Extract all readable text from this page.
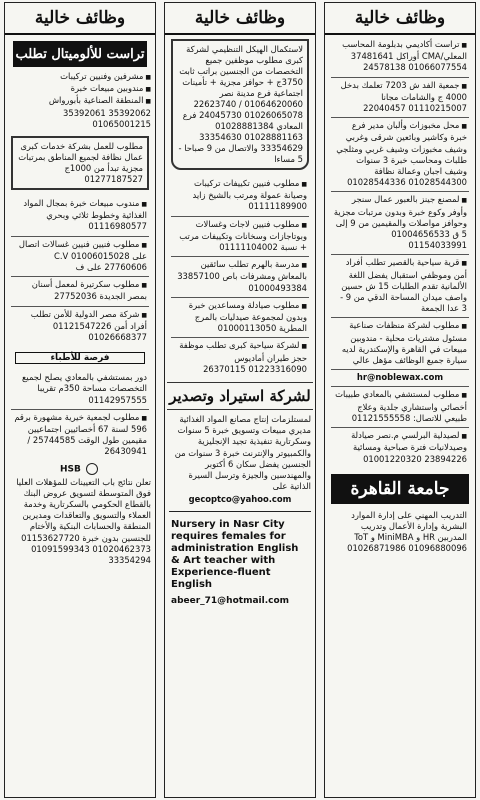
وظائف خالية
■ تراست أكاديمي بدبلومة المحاسب المعلي/CMA أوراكل 37481641 01066077554 24578138
■ جمعية الفد ش 7203 تعلمك بدخل 4000 ج والشامات مجانا 01110215007 22040457
■ محل مخبوزات وألبان مدير فرع خبرة وكاشير وبائعين شرقى وغربي وشيف مخبوزات وشيف غربي ومثلجي طلبات ومحاسب خبرة 3 سنوات وشيف اجبان وعمالة نظافة 01028544300 01028544336
■ لمصنع جينز بالعبور عمال سنجر وأوفر وكوع خبرة وبدون مرتبات مجزية وحوافز مواصلات والمقيمين من 9 إلى 5 ق 01004656533 01154033991
■ قرية سياحية بالقصير تطلب أفراد أمن وموظفي استقبال يفضل اللغة الألمانية تقدم الطلبات 15 ش حسين واصف ميدان المساحة الدقي من 9 - 3 عدا الجمعة
■ مطلوب لشركة منظفات صناعية مسئول مشتريات محلية - مندوبين مبيعات في القاهرة والإسكندرية لديه سيارة جميع الوظائف مؤهل عالي
hr@noblewax.com
■ مطلوب لمستشفي بالمعادي طبيبات أخصائي واستشاري جلدية وعلاج طبيعي للاتصال: 01121555558
■ لصيدلية البرلسي م.نصر صيادلة وصيدلانيات فترة صباحية ومسائية 23894226 01001220320
جامعة القاهرة
التدريب المهني على إدارة الموارد البشرية وإدارة الأعمال وتدريب المدربين HR و MiniMBA و ToT 01026871986 01096880096
وظائف خالية
لاستكمال الهيكل التنظيمي لشركة كبرى مطلوب موظفين جميع التخصصات من الجنسين براتب ثابت 3750ج + حوافز مجزية + تأمينات اجتماعية فرع مدينة نصر 01064620060 / 22623740 01026065078 24045730 فرع المعادي 01028881384 01028881163 33354630 33354629 والاتصال من 9 صباحا - 5 مساءا
■ مطلوب فنيين تكييفات تركيبات وصيانة عمولة ومرتب بالشيخ زايد 01111189900
■ مطلوب فنيين لاجات وغسالات وبوتاجازات وسخانات وتكييفات مرتب + نسبة 01111104002
■ مدرسة بالهرم تطلب سائقين بالمعاش ومشرفات باص 33857100 01000493384
■ مطلوب صيادلة ومساعدين خبرة وبدون لمجموعة صيدليات بالمرج المطرية 01000113050
■ لشركة سياحية كبرى تطلب موظفة حجز طيران أماديوس 01223316090 26370115
لشركة استيراد وتصدير
لمستلزمات إنتاج مصانع المواد الغذائية مديري مبيعات وتسويق خبرة 5 سنوات وسكرتارية تنفيذية تجيد الإنجليزية والكمبيوتر والإنترنت خبرة 3 سنوات من الجنسين يفضل سكان 6 أكتوبر والمهندسين والجيزة وترسل السيرة الذاتية على
gecoptco@yahoo.com
Nursery in Nasr City requires females for administration English & Art teacher with Experience-fluent English
abeer_71@hotmail.com
وظائف خالية
تراست للألوميتال تطلب
■ مشرفين وفنيين تركيبات
■ مندوبين مبيعات خبرة
■ المنطقة الصناعية بأبورواش 35392062 35392061 01065001215
مطلوب للعمل بشركة خدمات كبرى عمال نظافة لجميع المناطق بمرتبات مجزية تبدأ من 1000ج 01277187527
■ مندوب مبيعات خبرة بمجال المواد الغذائية وخطوط ثلاثي وبحري 01116980577
■ مطلوب فنيين فنيين غسالات اتصال على 01006015028 C.V 27760606 على ف
■ مطلوب سكرتيرة لمعمل أسنان بمصر الجديدة 27752036
■ شركة مصر الدولية للأمن تطلب أفراد أمن 01121547226 01026668377
فرصة للأطباء
دور بمستشفي بالمعادي يصلح لجميع التخصصات مساحة 350م تقريبا 01142957555
■ مطلوب لجمعية خيرية مشهورة برقم 596 لسنة 67 أخصائيين اجتماعيين مقيمين طول الوقت 25744585 / 26430941
HSB
تعلن نتائج باب التعيينات للمؤهلات العليا فوق المتوسطة لتسويق عروض البنك بالقطاع الحكومي بالسكرتارية وخدمة العملاء والتسويق والتعاقدات ومديرين المنطقة والحسابات البنكية والأختام للجنسين بدون خبرة 01153627720 01020462373 01091599343 33354294
